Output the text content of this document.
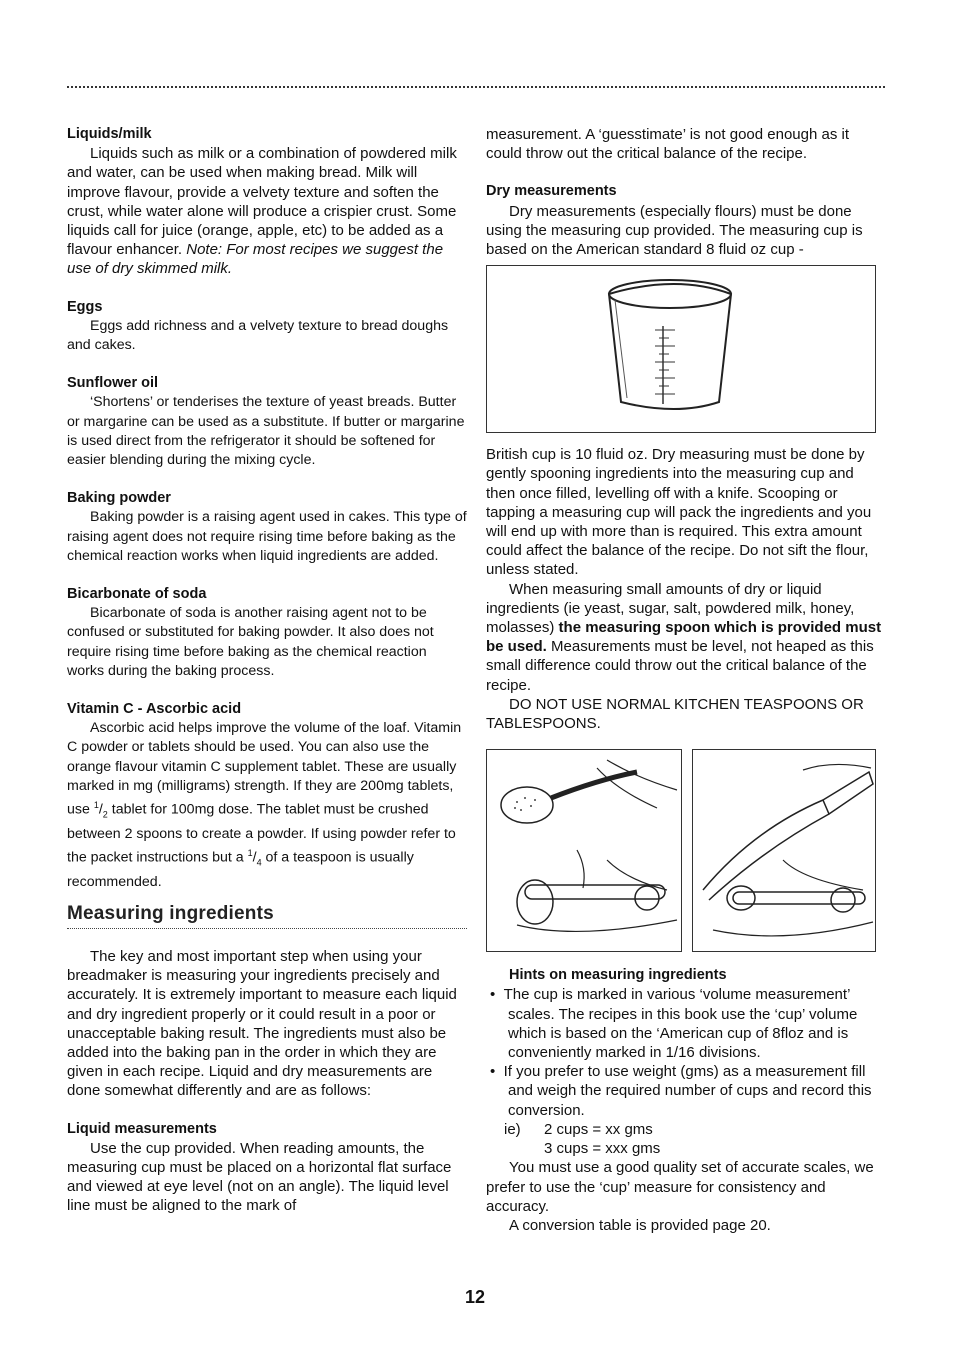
Liquids/milk

Liquids such as milk or a combination of powdered milk and water, can be used when making bread. Milk will improve flavour, provide a velvety texture and soften the crust, while water alone will produce a crispier crust. Some liquids call for juice (orange, apple, etc) to be added as a flavour enhancer. Note: For most recipes we suggest the use of dry skimmed milk.

Eggs

Eggs add richness and a velvety texture to bread doughs and cakes.

Sunflower oil

‘Shortens’ or tenderises the texture of yeast breads. Butter or margarine can be used as a substitute. If butter or margarine is used direct from the refrigerator it should be softened for easier blending during the mixing cycle.

Baking powder

Baking powder is a raising agent used in cakes. This type of raising agent does not require rising time before baking as the chemical reaction works when liquid ingredients are added.

Bicarbonate of soda

Bicarbonate of soda is another raising agent not to be confused or substituted for baking powder. It also does not require rising time before baking as the chemical reaction works during the baking process.

Vitamin C - Ascorbic acid

Ascorbic acid helps improve the volume of the loaf. Vitamin C powder or tablets should be used. You can also use the orange flavour vitamin C supplement tablet. These are usually marked in mg (milligrams) strength. If they are 200mg tablets, use $^1/_2$ tablet for 100mg dose. The tablet must be crushed between 2 spoons to create a powder. If using powder refer to the packet instructions but a $^1/_4$ of a teaspoon is usually recommended.

Measuring ingredients

The key and most important step when using your breadmaker is measuring your ingredients precisely and accurately. It is extremely important to measure each liquid and dry ingredient properly or it could result in a poor or unacceptable baking result. The ingredients must also be added into the baking pan in the order in which they are given in each recipe. Liquid and dry measurements are done somewhat differently and are as follows:

Liquid measurements

Use the cup provided. When reading amounts, the measuring cup must be placed on a horizontal flat surface and viewed at eye level (not on an angle). The liquid level line must be aligned to the mark of

measurement. A ‘guesstimate’ is not good enough as it could throw out the critical balance of the recipe.

Dry measurements

Dry measurements (especially flours) must be done using the measuring cup provided. The measuring cup is based on the American standard 8 fluid oz cup -

British cup is 10 fluid oz. Dry measuring must be done by gently spooning ingredients into the measuring cup and then once filled, levelling off with a knife. Scooping or tapping a measuring cup will pack the ingredients and you will end up with more than is required. This extra amount could affect the balance of the recipe. Do not sift the flour, unless stated.

When measuring small amounts of dry or liquid ingredients (ie yeast, sugar, salt, powdered milk, honey, molasses) the measuring spoon which is provided must be used. Measurements must be level, not heaped as this small difference could throw out the critical balance of the recipe.

DO NOT USE NORMAL KITCHEN TEASPOONS OR TABLESPOONS.

Hints on measuring ingredients

•  The cup is marked in various ‘volume measurement’ scales. The recipes in this book use the ‘cup’ volume which is based on the ‘American cup of 8floz and is conveniently marked in 1/16 divisions.

•  If you prefer to use weight (gms) as a measurement fill and weigh the required number of cups and record this conversion.

ie) 2 cups = xx gms

3 cups = xxx gms

You must use a good quality set of accurate scales, we prefer to use the ‘cup’ measure for consistency and accuracy.

A conversion table is provided page 20.

12
